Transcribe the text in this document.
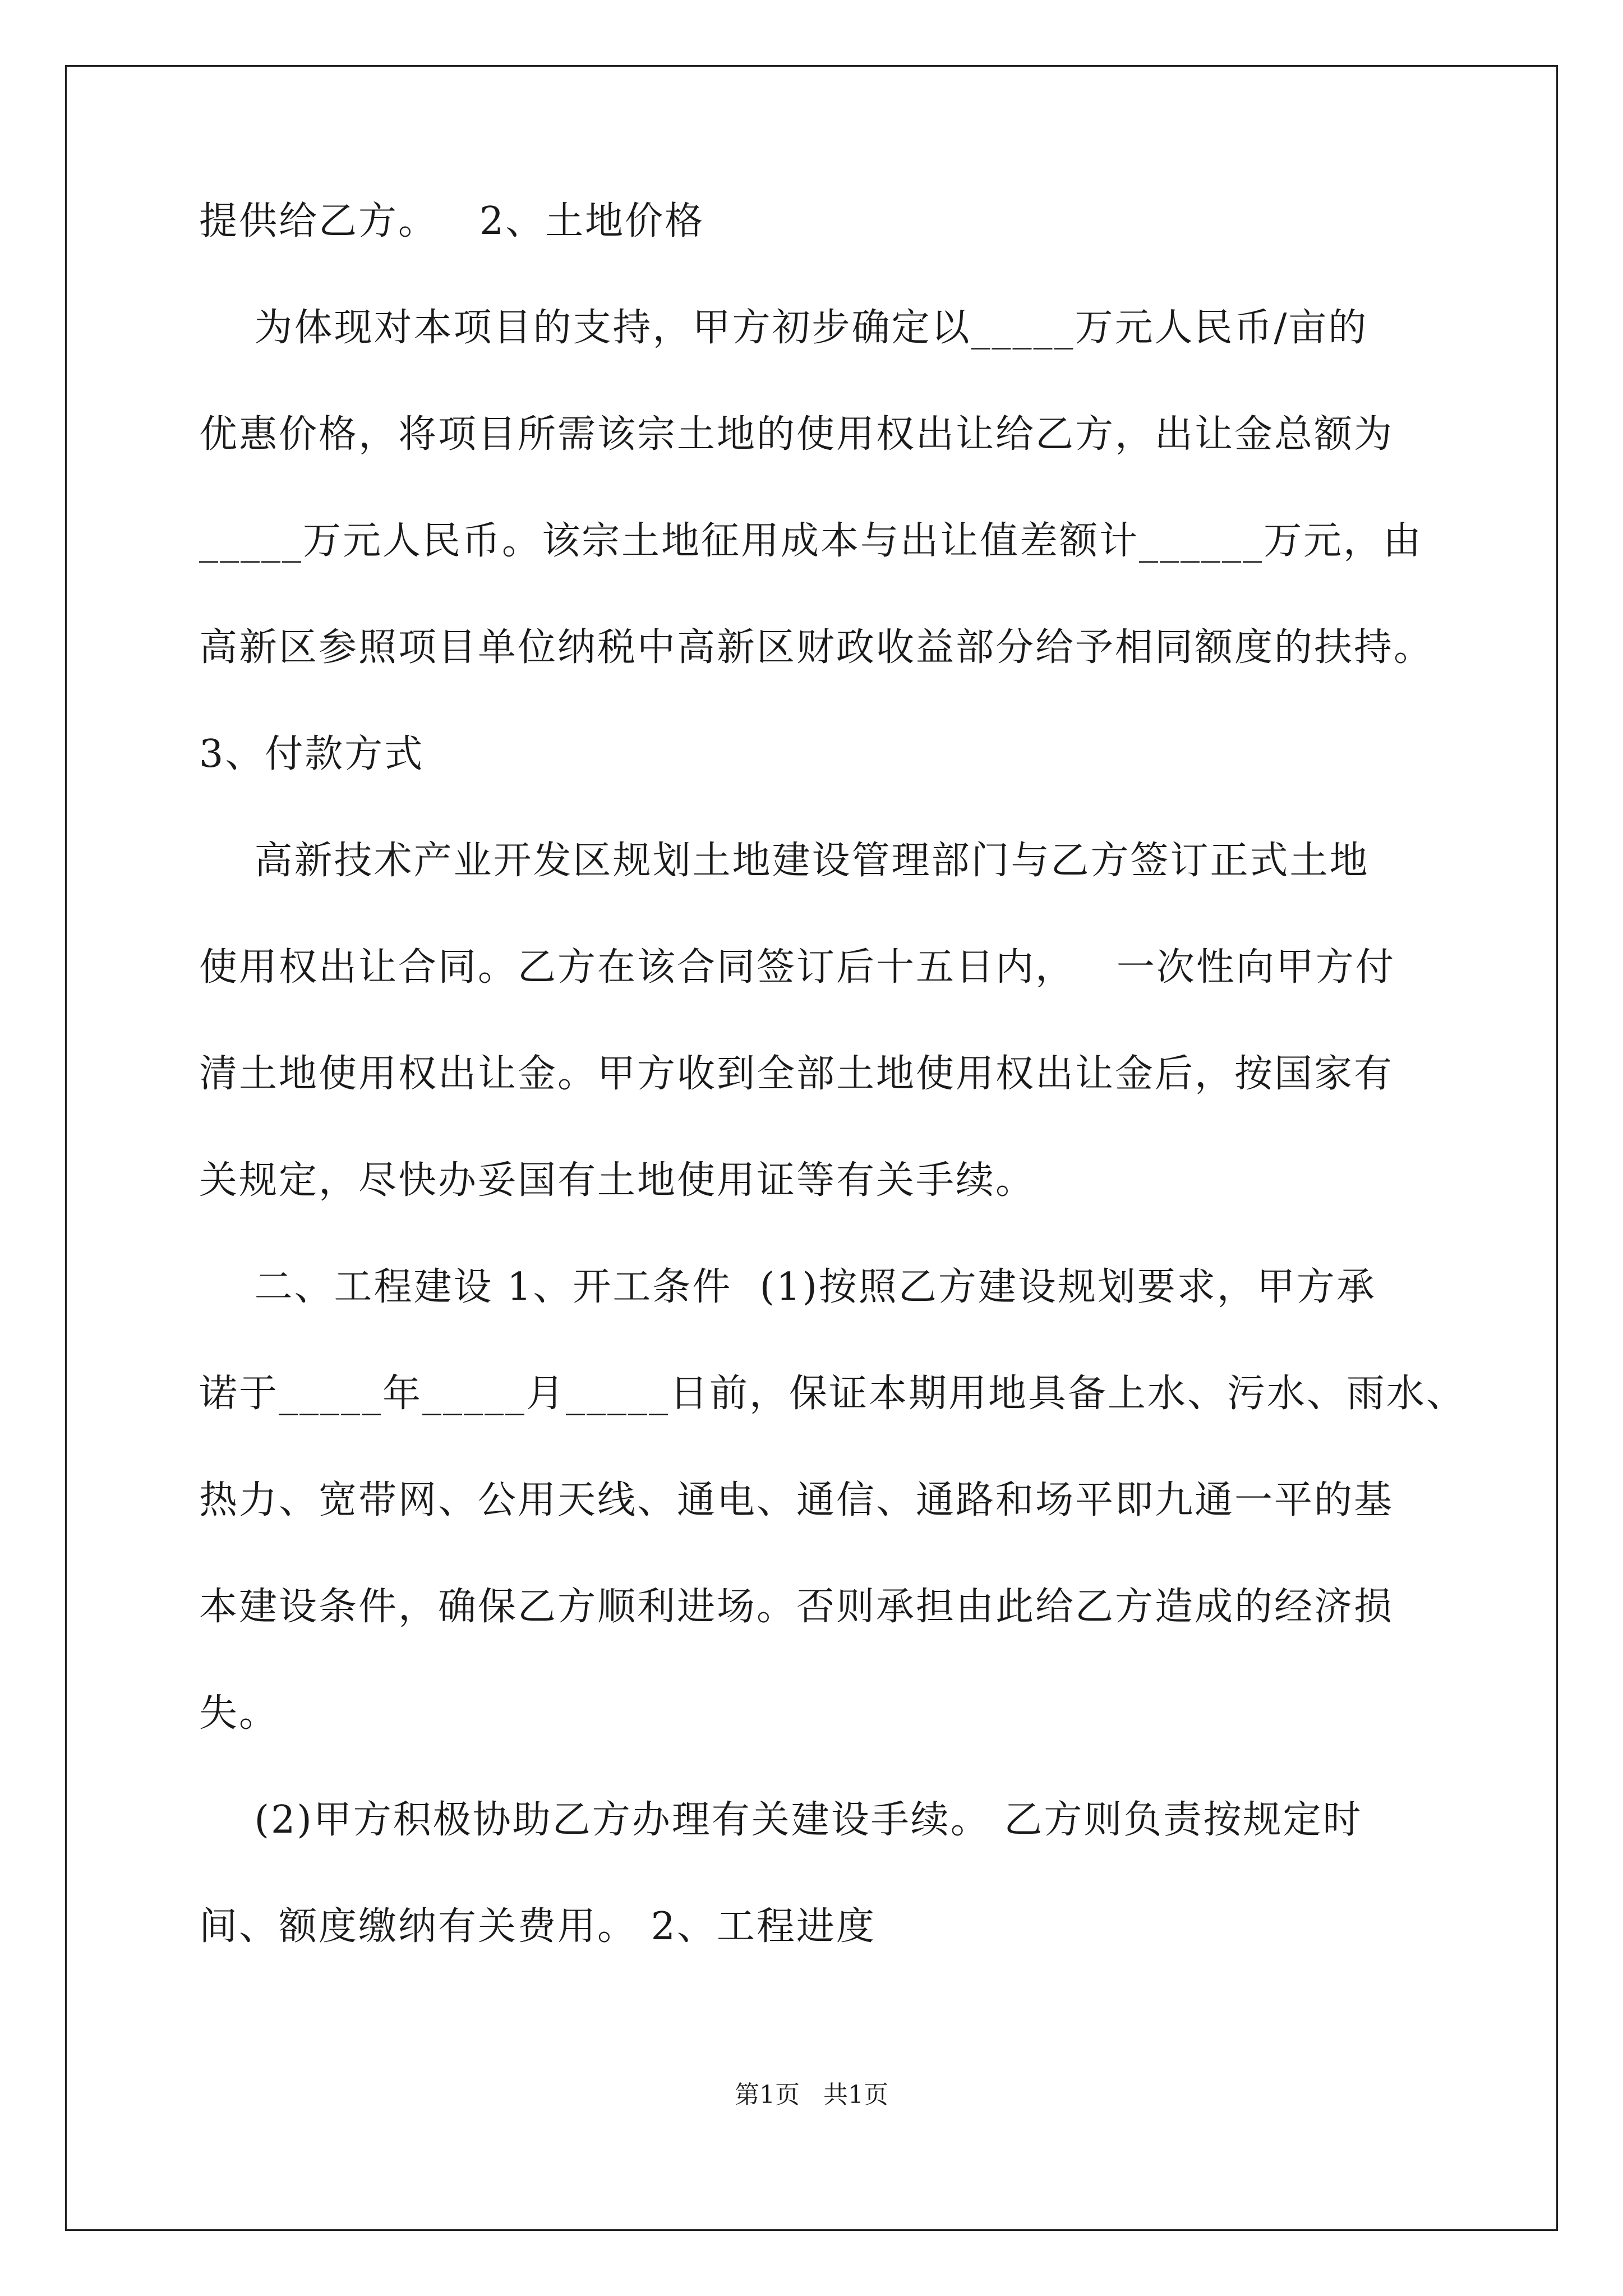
提供给乙方。   2、土地价格
为体现对本项目的支持，甲方初步确定以_____万元人民币/亩的
优惠价格，将项目所需该宗土地的使用权出让给乙方，出让金总额为
_____万元人民币。该宗土地征用成本与出让值差额计______万元，由
高新区参照项目单位纳税中高新区财政收益部分给予相同额度的扶持。
3、付款方式
高新技术产业开发区规划土地建设管理部门与乙方签订正式土地
使用权出让合同。乙方在该合同签订后十五日内，   一次性向甲方付
清土地使用权出让金。甲方收到全部土地使用权出让金后，按国家有
关规定，尽快办妥国有土地使用证等有关手续。
二、工程建设 1、开工条件  (1)按照乙方建设规划要求，甲方承
诺于_____年_____月_____日前，保证本期用地具备上水、污水、雨水、
热力、宽带网、公用天线、通电、通信、通路和场平即九通一平的基
本建设条件，确保乙方顺利进场。否则承担由此给乙方造成的经济损
失。
(2)甲方积极协助乙方办理有关建设手续。 乙方则负责按规定时
间、额度缴纳有关费用。 2、工程进度
第1页   共1页
